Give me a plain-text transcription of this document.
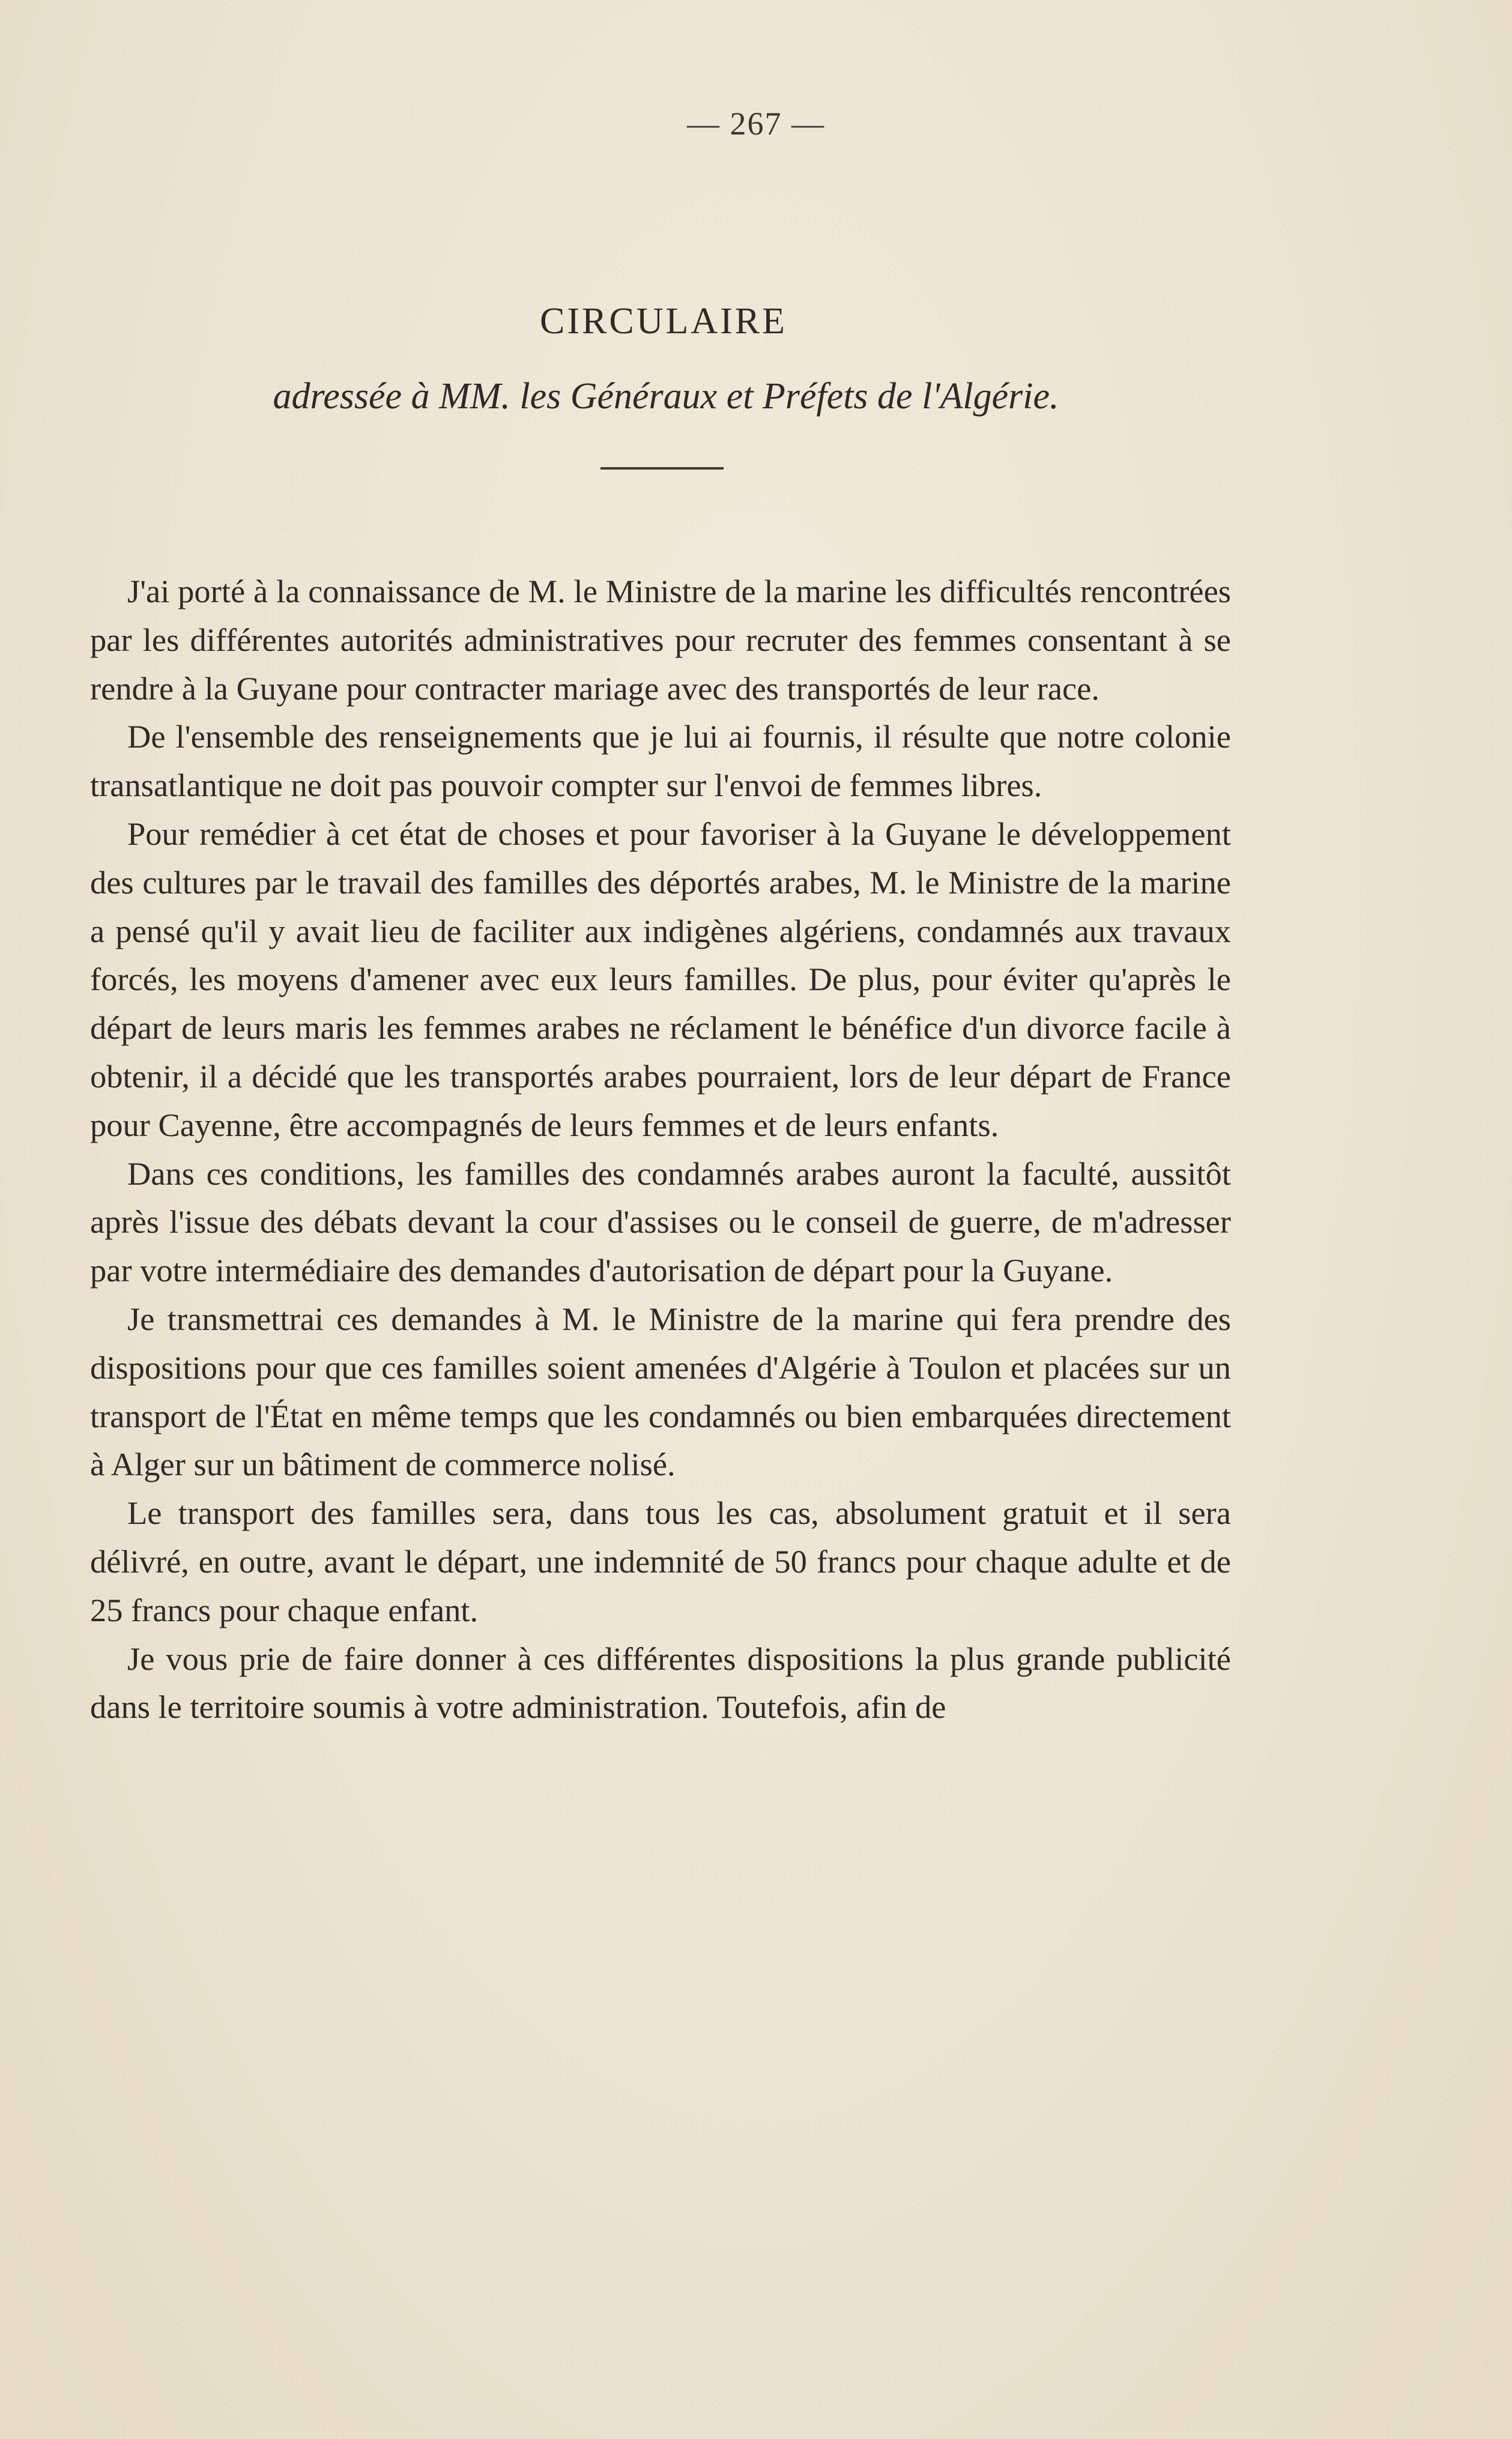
— 267 —
CIRCULAIRE
adressée à MM. les Généraux et Préfets de l'Algérie.

J'ai porté à la connaissance de M. le Ministre de la marine les difficultés rencontrées par les différentes autorités administratives pour recruter des femmes consentant à se rendre à la Guyane pour contracter mariage avec des transportés de leur race.

De l'ensemble des renseignements que je lui ai fournis, il résulte que notre colonie transatlantique ne doit pas pouvoir compter sur l'envoi de femmes libres.

Pour remédier à cet état de choses et pour favoriser à la Guyane le développement des cultures par le travail des familles des déportés arabes, M. le Ministre de la marine a pensé qu'il y avait lieu de faciliter aux indigènes algériens, condamnés aux travaux forcés, les moyens d'amener avec eux leurs familles. De plus, pour éviter qu'après le départ de leurs maris les femmes arabes ne réclament le bénéfice d'un divorce facile à obtenir, il a décidé que les transportés arabes pourraient, lors de leur départ de France pour Cayenne, être accompagnés de leurs femmes et de leurs enfants.

Dans ces conditions, les familles des condamnés arabes auront la faculté, aussitôt après l'issue des débats devant la cour d'assises ou le conseil de guerre, de m'adresser par votre intermédiaire des demandes d'autorisation de départ pour la Guyane.

Je transmettrai ces demandes à M. le Ministre de la marine qui fera prendre des dispositions pour que ces familles soient amenées d'Algérie à Toulon et placées sur un transport de l'État en même temps que les condamnés ou bien embarquées directement à Alger sur un bâtiment de commerce nolisé.

Le transport des familles sera, dans tous les cas, absolument gratuit et il sera délivré, en outre, avant le départ, une indemnité de 50 francs pour chaque adulte et de 25 francs pour chaque enfant.

Je vous prie de faire donner à ces différentes dispositions la plus grande publicité dans le territoire soumis à votre administration. Toutefois, afin de
